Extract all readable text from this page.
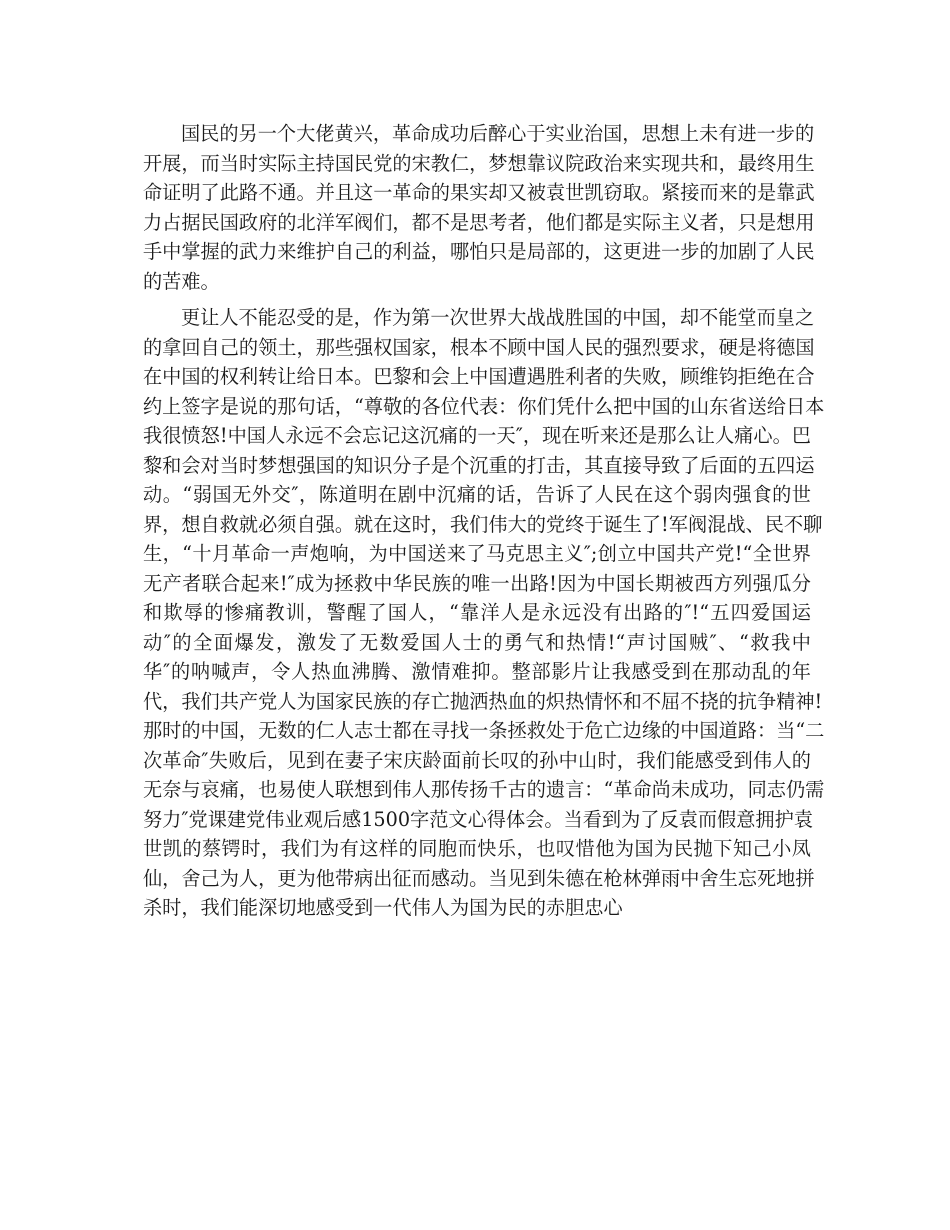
国民的另一个大佬黄兴，革命成功后醉心于实业治国，思想上未有进一步的
开展，而当时实际主持国民党的宋教仁，梦想靠议院政治来实现共和，最终用生
命证明了此路不通。并且这一革命的果实却又被袁世凯窃取。紧接而来的是靠武
力占据民国政府的北洋军阀们，都不是思考者，他们都是实际主义者，只是想用
手中掌握的武力来维护自己的利益，哪怕只是局部的，这更进一步的加剧了人民
的苦难。
更让人不能忍受的是，作为第一次世界大战战胜国的中国，却不能堂而皇之
的拿回自己的领土，那些强权国家，根本不顾中国人民的强烈要求，硬是将德国
在中国的权利转让给日本。巴黎和会上中国遭遇胜利者的失败，顾维钧拒绝在合
约上签字是说的那句话，“尊敬的各位代表：你们凭什么把中国的山东省送给日本
我很愤怒!中国人永远不会忘记这沉痛的一天″，现在听来还是那么让人痛心。巴
黎和会对当时梦想强国的知识分子是个沉重的打击，其直接导致了后面的五四运
动。“弱国无外交″，陈道明在剧中沉痛的话，告诉了人民在这个弱肉强食的世
界，想自救就必须自强。就在这时，我们伟大的党终于诞生了!军阀混战、民不聊
生，“十月革命一声炮响，为中国送来了马克思主义″;创立中国共产党!“全世界
无产者联合起来!″成为拯救中华民族的唯一出路!因为中国长期被西方列强瓜分
和欺辱的惨痛教训，警醒了国人，“靠洋人是永远没有出路的″!“五四爱国运
动″的全面爆发，激发了无数爱国人士的勇气和热情!“声讨国贼″、“救我中
华″的呐喊声，令人热血沸腾、激情难抑。整部影片让我感受到在那动乱的年
代，我们共产党人为国家民族的存亡抛洒热血的炽热情怀和不屈不挠的抗争精神!
那时的中国，无数的仁人志士都在寻找一条拯救处于危亡边缘的中国道路：当“二
次革命″失败后，见到在妻子宋庆龄面前长叹的孙中山时，我们能感受到伟人的
无奈与哀痛，也易使人联想到伟人那传扬千古的遗言：“革命尚未成功，同志仍需
努力″党课建党伟业观后感1500字范文心得体会。当看到为了反袁而假意拥护袁
世凯的蔡锷时，我们为有这样的同胞而快乐，也叹惜他为国为民抛下知己小凤
仙，舍己为人，更为他带病出征而感动。当见到朱德在枪林弹雨中舍生忘死地拼
杀时，我们能深切地感受到一代伟人为国为民的赤胆忠心
